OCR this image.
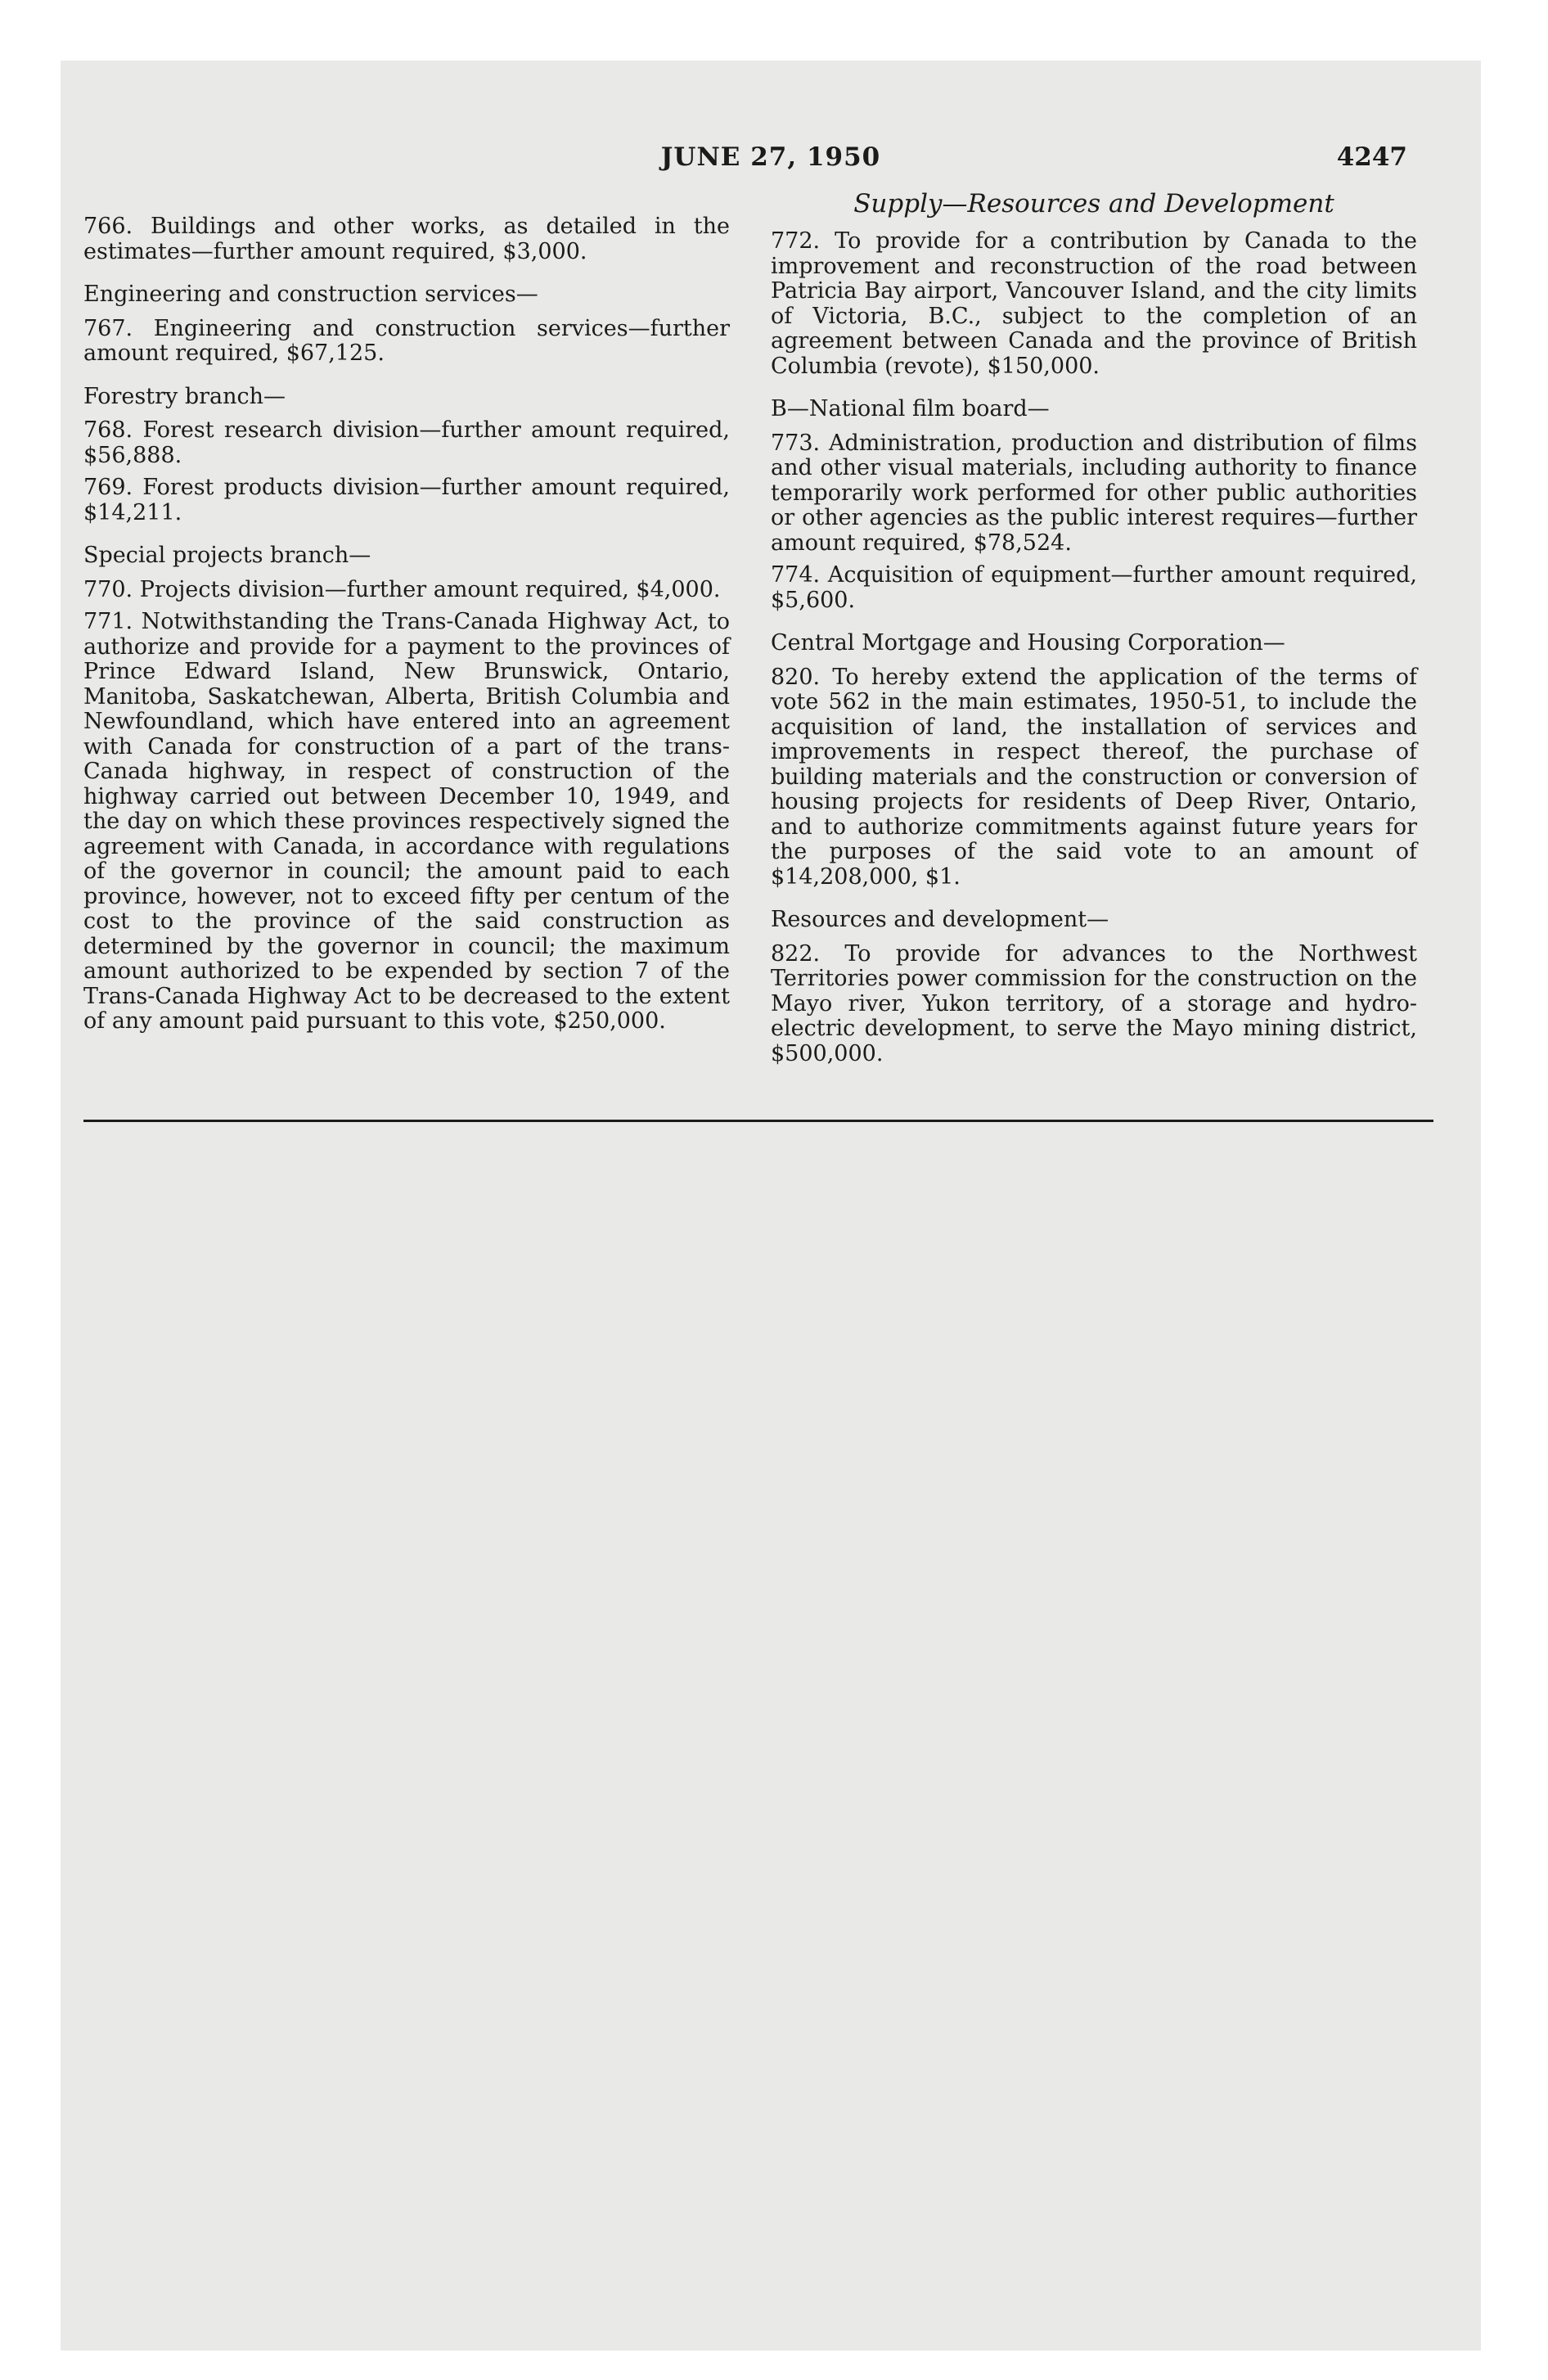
JUNE 27, 1950	4247

766. Buildings and other works, as detailed in the estimates—further amount required, $3,000.

Engineering and construction services—

767. Engineering and construction services—further amount required, $67,125.

Forestry branch—

768. Forest research division—further amount required, $56,888.

769. Forest products division—further amount required, $14,211.

Special projects branch—

770. Projects division—further amount required, $4,000.

771. Notwithstanding the Trans-Canada Highway Act, to authorize and provide for a payment to the provinces of Prince Edward Island, New Brunswick, Ontario, Manitoba, Saskatchewan, Alberta, British Columbia and Newfoundland, which have entered into an agreement with Canada for construction of a part of the trans-Canada highway, in respect of construction of the highway carried out between December 10, 1949, and the day on which these provinces respectively signed the agreement with Canada, in accordance with regulations of the governor in council; the amount paid to each province, however, not to exceed fifty per centum of the cost to the province of the said construction as determined by the governor in council; the maximum amount authorized to be expended by section 7 of the Trans-Canada Highway Act to be decreased to the extent of any amount paid pursuant to this vote, $250,000.

Supply—Resources and Development

772. To provide for a contribution by Canada to the improvement and reconstruction of the road between Patricia Bay airport, Vancouver Island, and the city limits of Victoria, B.C., subject to the completion of an agreement between Canada and the province of British Columbia (revote), $150,000.

B—National film board—

773. Administration, production and distribution of films and other visual materials, including authority to finance temporarily work performed for other public authorities or other agencies as the public interest requires—further amount required, $78,524.

774. Acquisition of equipment—further amount required, $5,600.

Central Mortgage and Housing Corporation—

820. To hereby extend the application of the terms of vote 562 in the main estimates, 1950-51, to include the acquisition of land, the installation of services and improvements in respect thereof, the purchase of building materials and the construction or conversion of housing projects for residents of Deep River, Ontario, and to authorize commitments against future years for the purposes of the said vote to an amount of $14,208,000, $1.

Resources and development—

822. To provide for advances to the Northwest Territories power commission for the construction on the Mayo river, Yukon territory, of a storage and hydro-electric development, to serve the Mayo mining district, $500,000.
